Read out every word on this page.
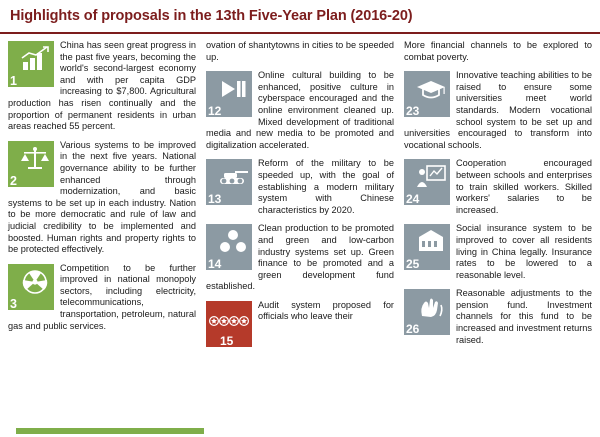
Highlights of proposals in the 13th Five-Year Plan (2016-20)
1

China has seen great progress in the past five years, becoming the world's second-largest economy and with per capita GDP increasing to $7,800. Agricultural production has risen continually and the proportion of permanent residents in urban areas reached 55 percent.

2

Various systems to be improved in the next five years. National governance ability to be further enhanced through modernization, and basic systems to be set up in each industry. Nation to be more democratic and rule of law and judicial credibility to be implemented and boosted. Human rights and property rights to be protected effectively.

3

Competition to be further improved in national monopoly sectors, including electricity, telecommunications, transportation, petroleum, natural gas and public services.

ovation of shantytowns in cities to be speeded up.

12

Online cultural building to be enhanced, positive culture in cyberspace encouraged and the online environment cleaned up. Mixed development of traditional media and new media to be promoted and digitalization accelerated.

13

Reform of the military to be speeded up, with the goal of establishing a modern military system with Chinese characteristics by 2020.

14

Clean production to be promoted and green and low-carbon industry systems set up. Green finance to be promoted and a green development fund established.

15

Audit system proposed for officials who leave their

More financial channels to be explored to combat poverty.

23

Innovative teaching abilities to be raised to ensure some universities meet world standards. Modern vocational school system to be set up and universities encouraged to transform into vocational schools.

24

Cooperation encouraged between schools and enterprises to train skilled workers. Skilled workers' salaries to be increased.

25

Social insurance system to be improved to cover all residents living in China legally. Insurance rates to be lowered to a reasonable level.

26

Reasonable adjustments to the pension fund. Investment channels for this fund to be increased and investment returns raised.
